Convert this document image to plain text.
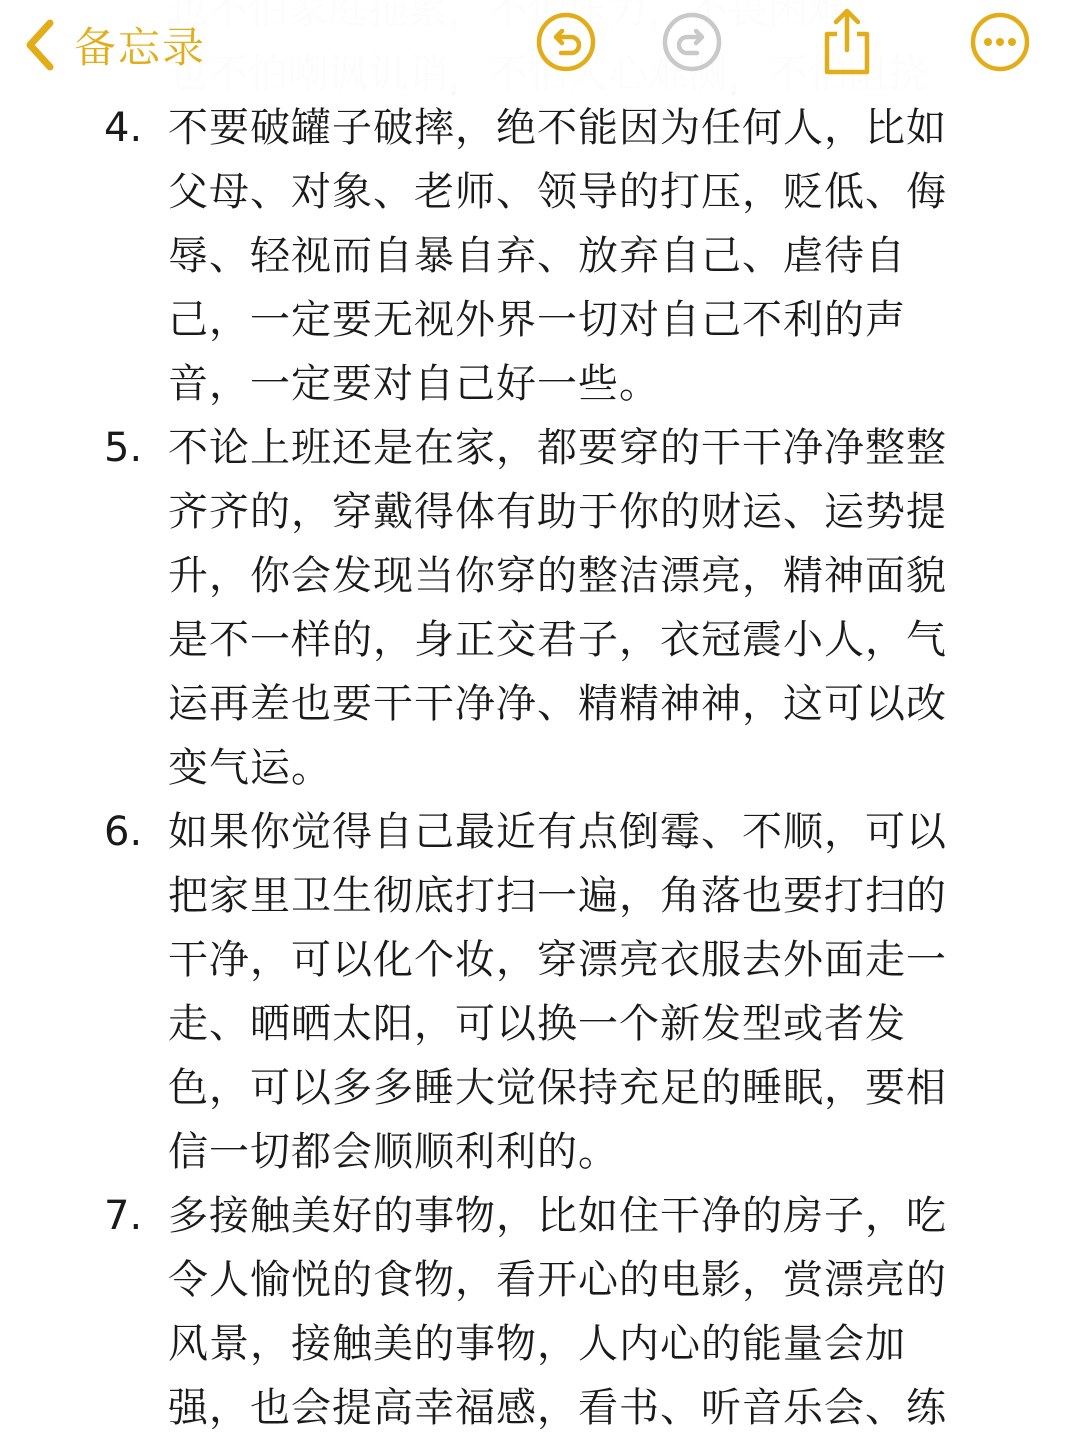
备忘录
4. 不要破罐子破摔，绝不能因为任何人，比如
父母、对象、老师、领导的打压，贬低、侮
辱、轻视而自暴自弃、放弃自己、虐待自
己，一定要无视外界一切对自己不利的声
音，一定要对自己好一些。
5. 不论上班还是在家，都要穿的干干净净整整
齐齐的，穿戴得体有助于你的财运、运势提
升，你会发现当你穿的整洁漂亮，精神面貌
是不一样的，身正交君子，衣冠震小人，气
运再差也要干干净净、精精神神，这可以改
变气运。
6. 如果你觉得自己最近有点倒霉、不顺，可以
把家里卫生彻底打扫一遍，角落也要打扫的
干净，可以化个妆，穿漂亮衣服去外面走一
走、晒晒太阳，可以换一个新发型或者发
色，可以多多睡大觉保持充足的睡眠，要相
信一切都会顺顺利利的。
7. 多接触美好的事物，比如住干净的房子，吃
令人愉悦的食物，看开心的电影，赏漂亮的
风景，接触美的事物，人内心的能量会加
强，也会提高幸福感，看书、听音乐会、练
